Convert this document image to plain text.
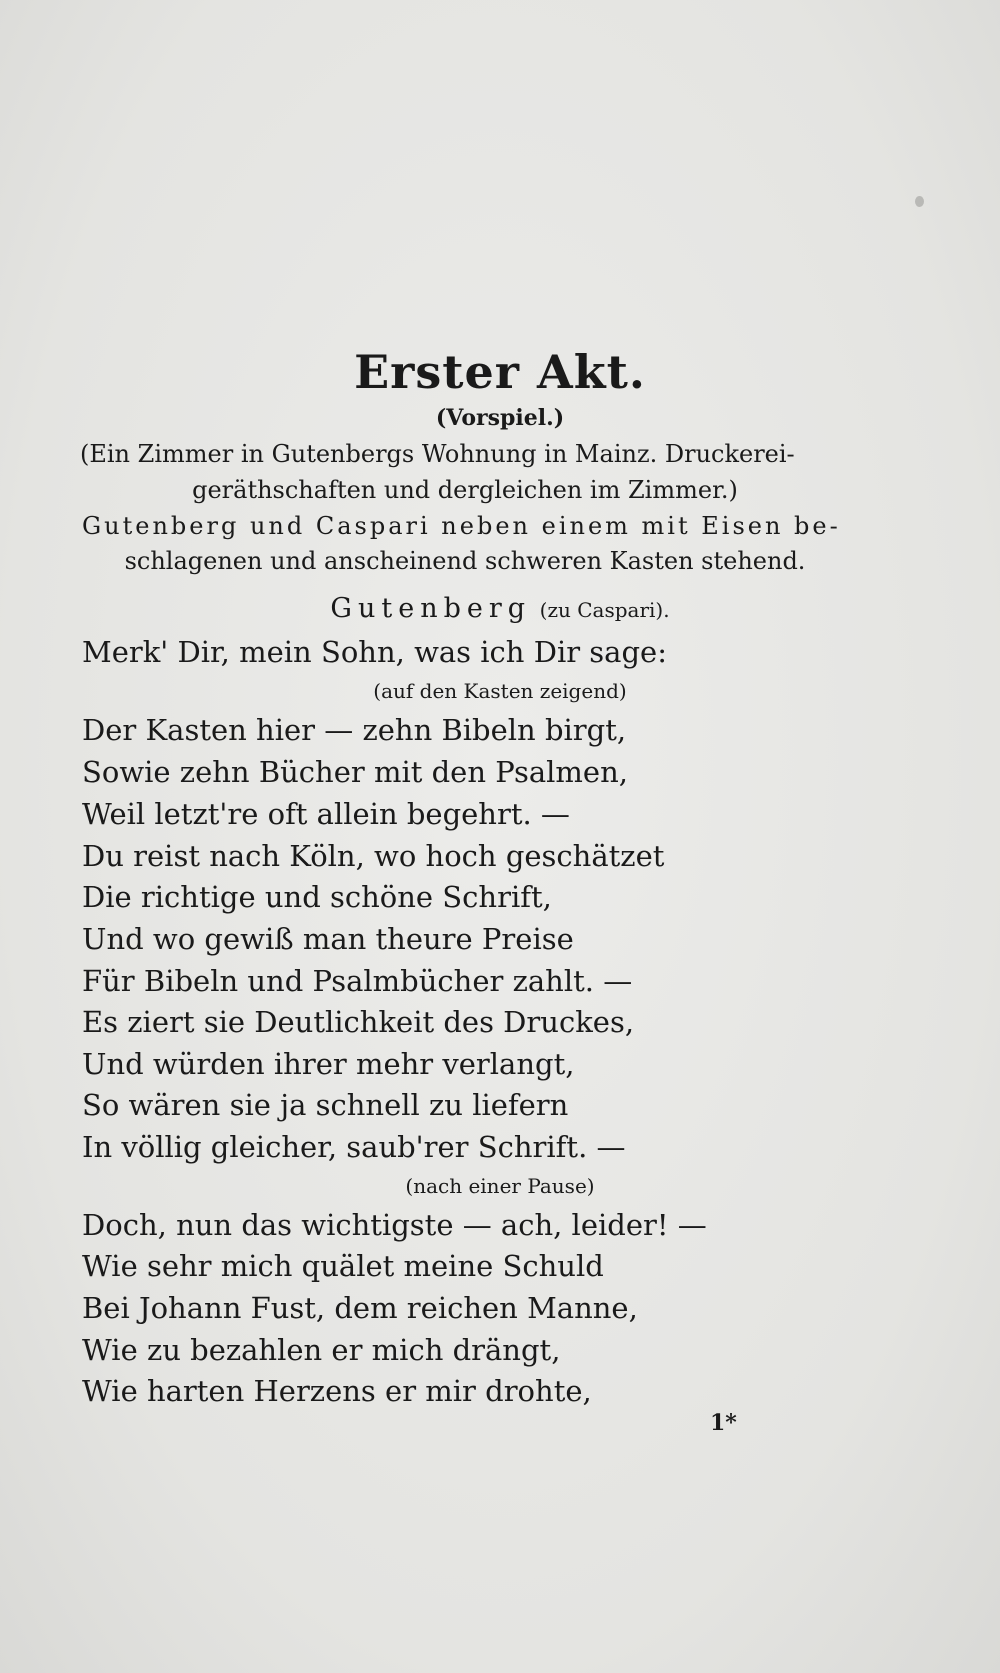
Erster Akt.
(Vorspiel.)
(Ein Zimmer in Gutenbergs Wohnung in Mainz. Druckerei-
geräthschaften und dergleichen im Zimmer.)
Gutenberg und Caspari neben einem mit Eisen be-
schlagenen und anscheinend schweren Kasten stehend.
Gutenberg (zu Caspari).
Merk' Dir, mein Sohn, was ich Dir sage:
(auf den Kasten zeigend)
Der Kasten hier — zehn Bibeln birgt,
Sowie zehn Bücher mit den Psalmen,
Weil letzt're oft allein begehrt. —
Du reist nach Köln, wo hoch geschätzet
Die richtige und schöne Schrift,
Und wo gewiß man theure Preise
Für Bibeln und Psalmbücher zahlt. —
Es ziert sie Deutlichkeit des Druckes,
Und würden ihrer mehr verlangt,
So wären sie ja schnell zu liefern
In völlig gleicher, saub'rer Schrift. —
(nach einer Pause)
Doch, nun das wichtigste — ach, leider! —
Wie sehr mich quälet meine Schuld
Bei Johann Fust, dem reichen Manne,
Wie zu bezahlen er mich drängt,
Wie harten Herzens er mir drohte,
1*
